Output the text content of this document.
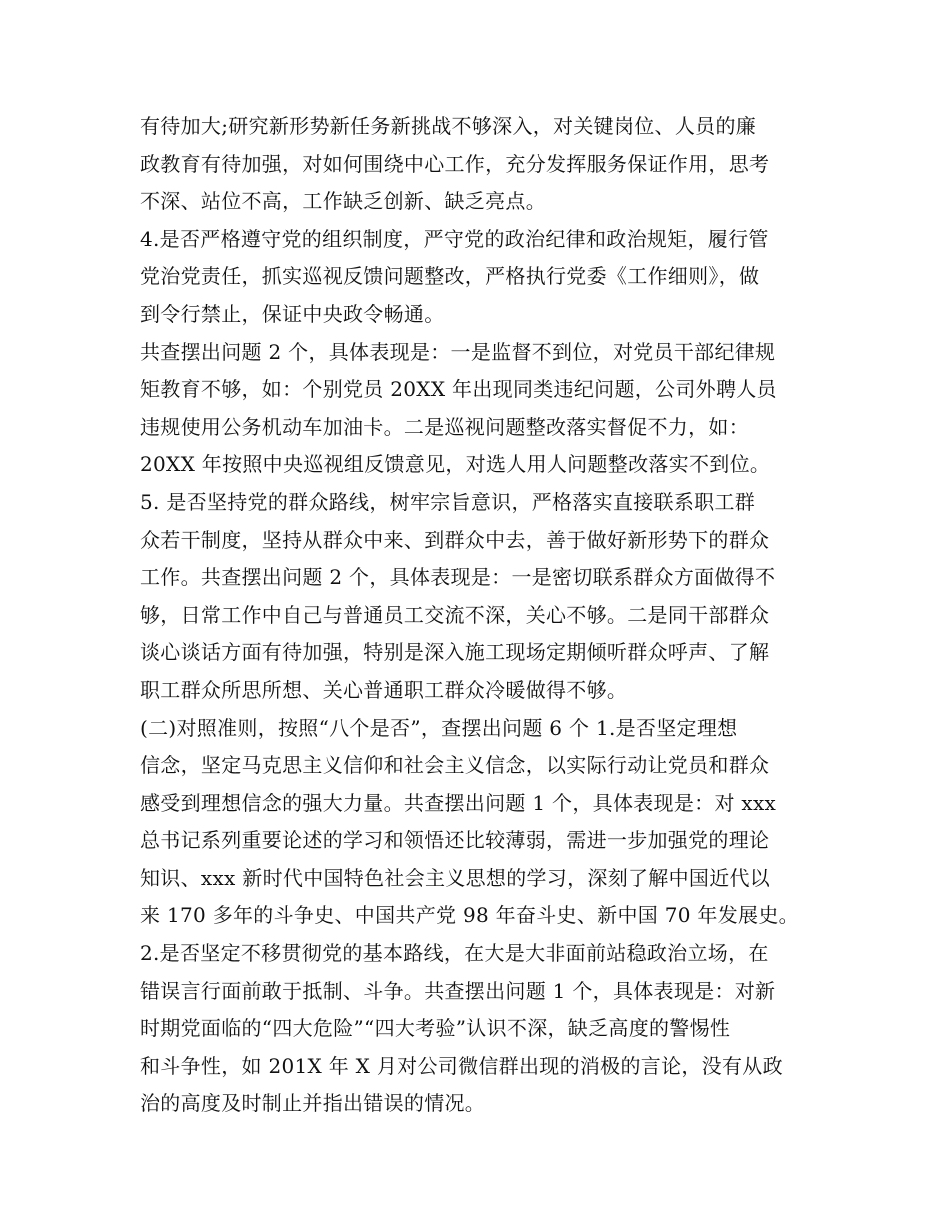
有待加大;研究新形势新任务新挑战不够深入，对关键岗位、人员的廉
政教育有待加强，对如何围绕中心工作，充分发挥服务保证作用，思考
不深、站位不高，工作缺乏创新、缺乏亮点。
4.是否严格遵守党的组织制度，严守党的政治纪律和政治规矩，履行管
党治党责任，抓实巡视反馈问题整改，严格执行党委《工作细则》，做
到令行禁止，保证中央政令畅通。
共查摆出问题 2 个，具体表现是：一是监督不到位，对党员干部纪律规
矩教育不够，如：个别党员 20XX 年出现同类违纪问题，公司外聘人员
违规使用公务机动车加油卡。二是巡视问题整改落实督促不力，如：
20XX 年按照中央巡视组反馈意见，对选人用人问题整改落实不到位。
5. 是否坚持党的群众路线，树牢宗旨意识，严格落实直接联系职工群
众若干制度，坚持从群众中来、到群众中去，善于做好新形势下的群众
工作。共查摆出问题 2 个，具体表现是：一是密切联系群众方面做得不
够，日常工作中自己与普通员工交流不深，关心不够。二是同干部群众
谈心谈话方面有待加强，特别是深入施工现场定期倾听群众呼声、了解
职工群众所思所想、关心普通职工群众冷暖做得不够。
(二)对照准则，按照“八个是否”，查摆出问题 6 个 1.是否坚定理想
信念，坚定马克思主义信仰和社会主义信念，以实际行动让党员和群众
感受到理想信念的强大力量。共查摆出问题 1 个，具体表现是：对 xxx
总书记系列重要论述的学习和领悟还比较薄弱，需进一步加强党的理论
知识、xxx 新时代中国特色社会主义思想的学习，深刻了解中国近代以
来 170 多年的斗争史、中国共产党 98 年奋斗史、新中国 70 年发展史。
2.是否坚定不移贯彻党的基本路线，在大是大非面前站稳政治立场，在
错误言行面前敢于抵制、斗争。共查摆出问题 1 个，具体表现是：对新
时期党面临的“四大危险”“四大考验”认识不深，缺乏高度的警惕性
和斗争性，如 201X 年 X 月对公司微信群出现的消极的言论，没有从政
治的高度及时制止并指出错误的情况。
